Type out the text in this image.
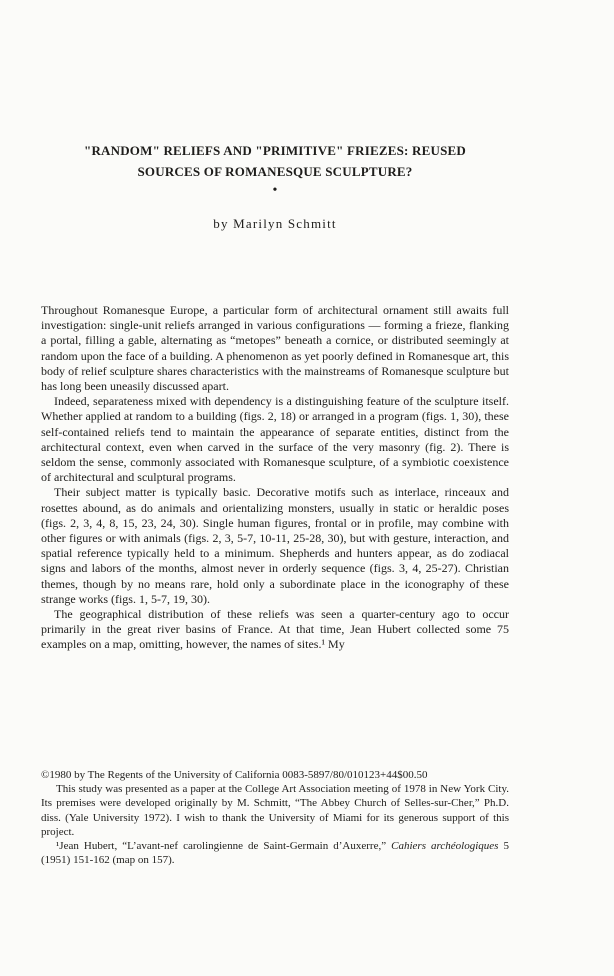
"RANDOM" RELIEFS AND "PRIMITIVE" FRIEZES: REUSED
SOURCES OF ROMANESQUE SCULPTURE?
•
by Marilyn Schmitt

Throughout Romanesque Europe, a particular form of architectural ornament still awaits full investigation: single-unit reliefs arranged in various configurations — forming a frieze, flanking a portal, filling a gable, alternating as “metopes” beneath a cornice, or distributed seemingly at random upon the face of a building. A phenomenon as yet poorly defined in Romanesque art, this body of relief sculpture shares characteristics with the mainstreams of Romanesque sculpture but has long been uneasily discussed apart.

Indeed, separateness mixed with dependency is a distinguishing feature of the sculpture itself. Whether applied at random to a building (figs. 2, 18) or arranged in a program (figs. 1, 30), these self-contained reliefs tend to maintain the appearance of separate entities, distinct from the architectural context, even when carved in the surface of the very masonry (fig. 2). There is seldom the sense, commonly associated with Romanesque sculpture, of a symbiotic coexistence of architectural and sculptural programs.

Their subject matter is typically basic. Decorative motifs such as interlace, rinceaux and rosettes abound, as do animals and orientalizing monsters, usually in static or heraldic poses (figs. 2, 3, 4, 8, 15, 23, 24, 30). Single human figures, frontal or in profile, may combine with other figures or with animals (figs. 2, 3, 5-7, 10-11, 25-28, 30), but with gesture, interaction, and spatial reference typically held to a minimum. Shepherds and hunters appear, as do zodiacal signs and labors of the months, almost never in orderly sequence (figs. 3, 4, 25-27). Christian themes, though by no means rare, hold only a subordinate place in the iconography of these strange works (figs. 1, 5-7, 19, 30).

The geographical distribution of these reliefs was seen a quarter-century ago to occur primarily in the great river basins of France. At that time, Jean Hubert collected some 75 examples on a map, omitting, however, the names of sites.¹ My

©1980 by The Regents of the University of California 0083-5897/80/010123+44$00.50

This study was presented as a paper at the College Art Association meeting of 1978 in New York City. Its premises were developed originally by M. Schmitt, “The Abbey Church of Selles-sur-Cher,” Ph.D. diss. (Yale University 1972). I wish to thank the University of Miami for its generous support of this project.

¹Jean Hubert, “L’avant-nef carolingienne de Saint-Germain d’Auxerre,” Cahiers archéologiques 5 (1951) 151-162 (map on 157).
